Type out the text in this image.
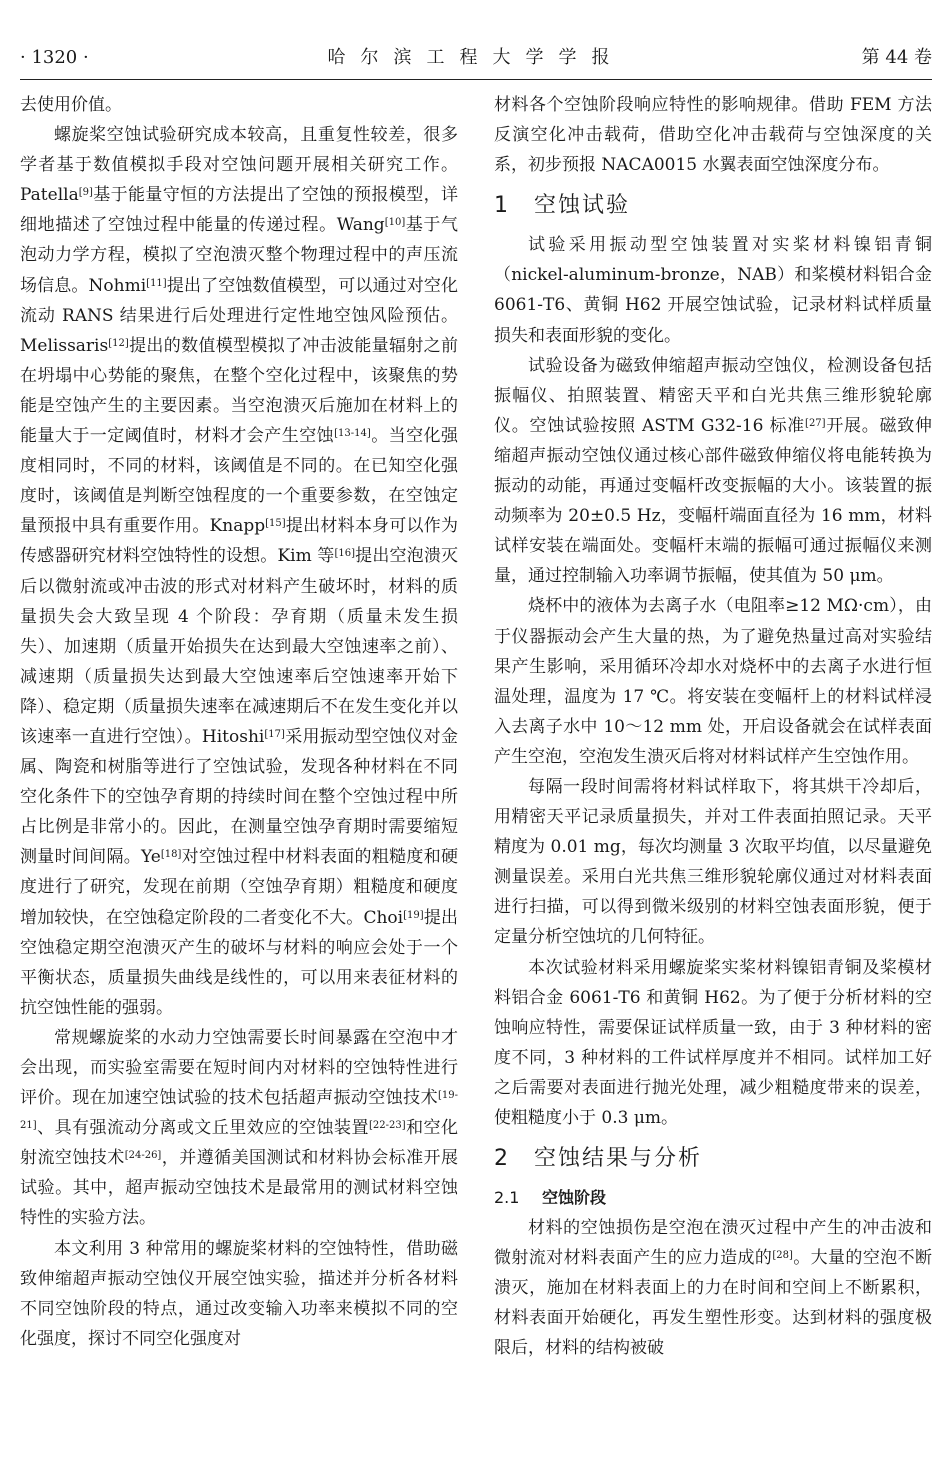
· 1320 ·	哈尔滨工程大学学报	第 44 卷

去使用价值。

螺旋桨空蚀试验研究成本较高，且重复性较差，很多学者基于数值模拟手段对空蚀问题开展相关研究工作。Patella[9]基于能量守恒的方法提出了空蚀的预报模型，详细地描述了空蚀过程中能量的传递过程。Wang[10]基于气泡动力学方程，模拟了空泡溃灭整个物理过程中的声压流场信息。Nohmi[11]提出了空蚀数值模型，可以通过对空化流动 RANS 结果进行后处理进行定性地空蚀风险预估。Melissaris[12]提出的数值模型模拟了冲击波能量辐射之前在坍塌中心势能的聚焦，在整个空化过程中，该聚焦的势能是空蚀产生的主要因素。当空泡溃灭后施加在材料上的能量大于一定阈值时，材料才会产生空蚀[13-14]。当空化强度相同时，不同的材料，该阈值是不同的。在已知空化强度时，该阈值是判断空蚀程度的一个重要参数，在空蚀定量预报中具有重要作用。Knapp[15]提出材料本身可以作为传感器研究材料空蚀特性的设想。Kim 等[16]提出空泡溃灭后以微射流或冲击波的形式对材料产生破坏时，材料的质量损失会大致呈现 4 个阶段：孕育期（质量未发生损失）、加速期（质量开始损失在达到最大空蚀速率之前）、减速期（质量损失达到最大空蚀速率后空蚀速率开始下降）、稳定期（质量损失速率在减速期后不在发生变化并以该速率一直进行空蚀）。Hitoshi[17]采用振动型空蚀仪对金属、陶瓷和树脂等进行了空蚀试验，发现各种材料在不同空化条件下的空蚀孕育期的持续时间在整个空蚀过程中所占比例是非常小的。因此，在测量空蚀孕育期时需要缩短测量时间间隔。Ye[18]对空蚀过程中材料表面的粗糙度和硬度进行了研究，发现在前期（空蚀孕育期）粗糙度和硬度增加较快，在空蚀稳定阶段的二者变化不大。Choi[19]提出空蚀稳定期空泡溃灭产生的破坏与材料的响应会处于一个平衡状态，质量损失曲线是线性的，可以用来表征材料的抗空蚀性能的强弱。

常规螺旋桨的水动力空蚀需要长时间暴露在空泡中才会出现，而实验室需要在短时间内对材料的空蚀特性进行评价。现在加速空蚀试验的技术包括超声振动空蚀技术[19-21]、具有强流动分离或文丘里效应的空蚀装置[22-23]和空化射流空蚀技术[24-26]，并遵循美国测试和材料协会标准开展试验。其中，超声振动空蚀技术是最常用的测试材料空蚀特性的实验方法。

本文利用 3 种常用的螺旋桨材料的空蚀特性，借助磁致伸缩超声振动空蚀仪开展空蚀实验，描述并分析各材料不同空蚀阶段的特点，通过改变输入功率来模拟不同的空化强度，探讨不同空化强度对

材料各个空蚀阶段响应特性的影响规律。借助 FEM 方法反演空化冲击载荷，借助空化冲击载荷与空蚀深度的关系，初步预报 NACA0015 水翼表面空蚀深度分布。

1 空蚀试验

试验采用振动型空蚀装置对实桨材料镍铝青铜（nickel-aluminum-bronze，NAB）和桨模材料铝合金 6061-T6、黄铜 H62 开展空蚀试验，记录材料试样质量损失和表面形貌的变化。

试验设备为磁致伸缩超声振动空蚀仪，检测设备包括振幅仪、拍照装置、精密天平和白光共焦三维形貌轮廓仪。空蚀试验按照 ASTM G32-16 标准[27]开展。磁致伸缩超声振动空蚀仪通过核心部件磁致伸缩仪将电能转换为振动的动能，再通过变幅杆改变振幅的大小。该装置的振动频率为 20±0.5 Hz，变幅杆端面直径为 16 mm，材料试样安装在端面处。变幅杆末端的振幅可通过振幅仪来测量，通过控制输入功率调节振幅，使其值为 50 μm。

烧杯中的液体为去离子水（电阻率≥12 MΩ·cm），由于仪器振动会产生大量的热，为了避免热量过高对实验结果产生影响，采用循环冷却水对烧杯中的去离子水进行恒温处理，温度为 17 ℃。将安装在变幅杆上的材料试样浸入去离子水中 10～12 mm 处，开启设备就会在试样表面产生空泡，空泡发生溃灭后将对材料试样产生空蚀作用。

每隔一段时间需将材料试样取下，将其烘干冷却后，用精密天平记录质量损失，并对工件表面拍照记录。天平精度为 0.01 mg，每次均测量 3 次取平均值，以尽量避免测量误差。采用白光共焦三维形貌轮廓仪通过对材料表面进行扫描，可以得到微米级别的材料空蚀表面形貌，便于定量分析空蚀坑的几何特征。

本次试验材料采用螺旋桨实桨材料镍铝青铜及桨模材料铝合金 6061-T6 和黄铜 H62。为了便于分析材料的空蚀响应特性，需要保证试样质量一致，由于 3 种材料的密度不同，3 种材料的工件试样厚度并不相同。试样加工好之后需要对表面进行抛光处理，减少粗糙度带来的误差，使粗糙度小于 0.3 μm。

2 空蚀结果与分析
2.1 空蚀阶段

材料的空蚀损伤是空泡在溃灭过程中产生的冲击波和微射流对材料表面产生的应力造成的[28]。大量的空泡不断溃灭，施加在材料表面上的力在时间和空间上不断累积，材料表面开始硬化，再发生塑性形变。达到材料的强度极限后，材料的结构被破
